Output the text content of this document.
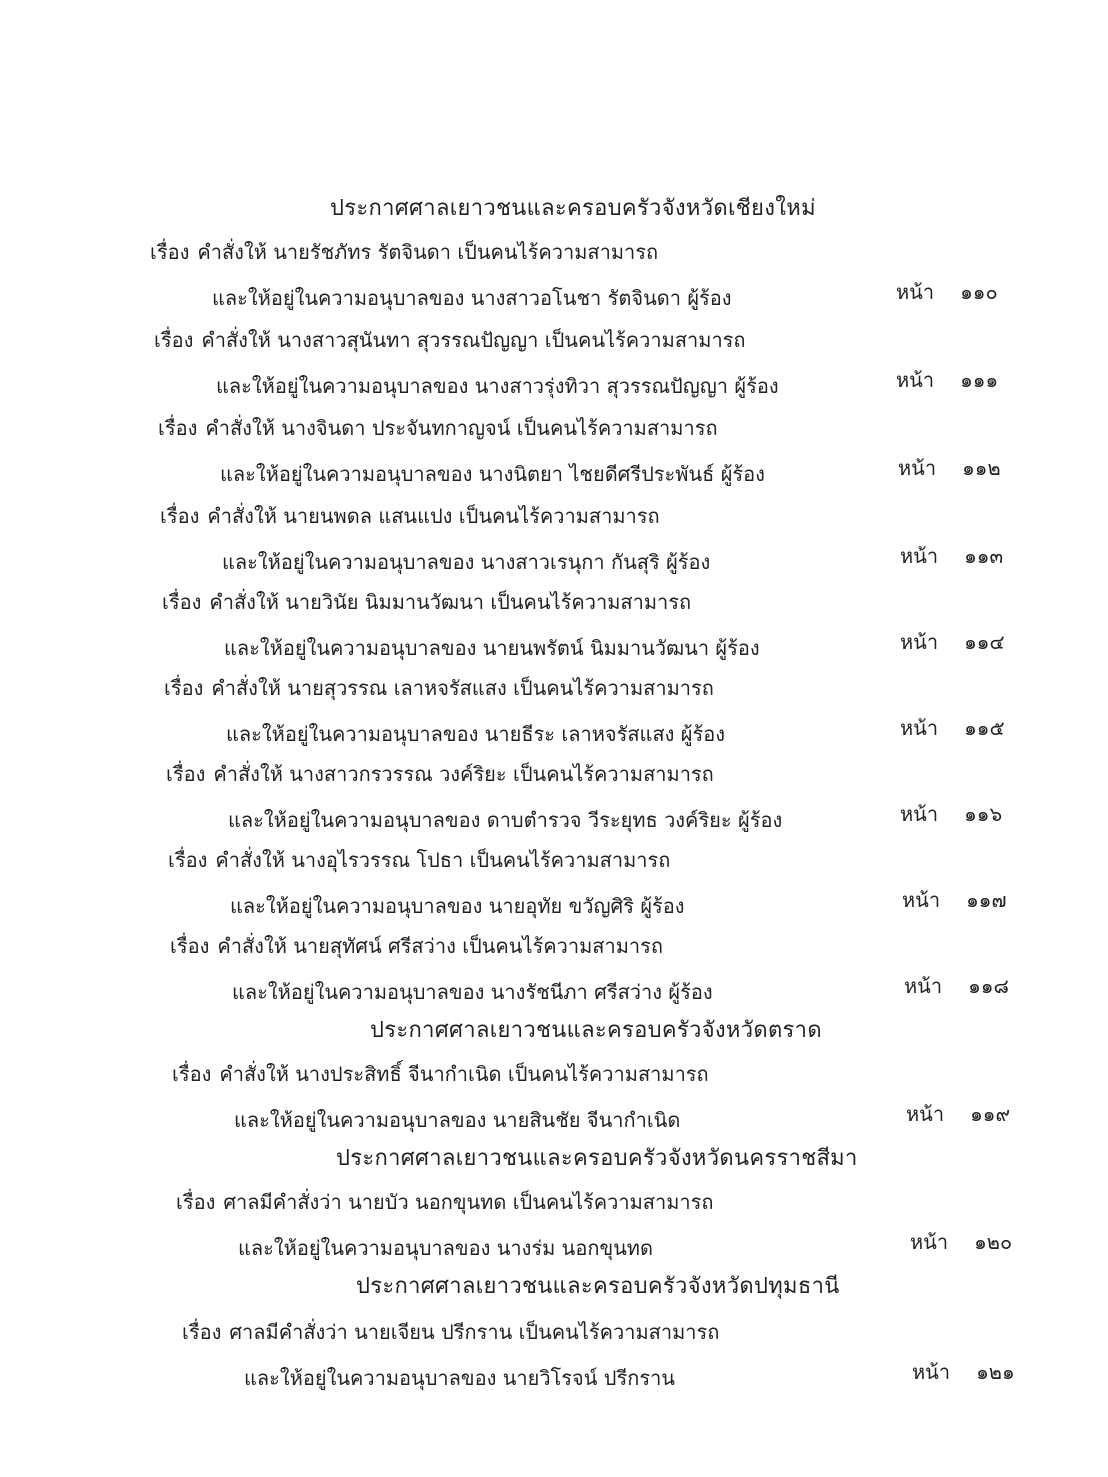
ประกาศศาลเยาวชนและครอบครัวจังหวัดเชียงใหม่
เรื่อง คำสั่งให้ นายรัชภัทร รัตจินดา เป็นคนไร้ความสามารถ
และให้อยู่ในความอนุบาลของ นางสาวอโนชา รัตจินดา ผู้ร้อง	หน้า ๑๑๐
เรื่อง คำสั่งให้ นางสาวสุนันทา สุวรรณปัญญา เป็นคนไร้ความสามารถ
และให้อยู่ในความอนุบาลของ นางสาวรุ่งทิวา สุวรรณปัญญา ผู้ร้อง	หน้า ๑๑๑
เรื่อง คำสั่งให้ นางจินดา ประจันทกาญจน์ เป็นคนไร้ความสามารถ
และให้อยู่ในความอนุบาลของ นางนิตยา ไชยดีศรีประพันธ์ ผู้ร้อง	หน้า ๑๑๒
เรื่อง คำสั่งให้ นายนพดล แสนแปง เป็นคนไร้ความสามารถ
และให้อยู่ในความอนุบาลของ นางสาวเรนุกา กันสุริ ผู้ร้อง	หน้า ๑๑๓
เรื่อง คำสั่งให้ นายวินัย นิมมานวัฒนา เป็นคนไร้ความสามารถ
และให้อยู่ในความอนุบาลของ นายนพรัตน์ นิมมานวัฒนา ผู้ร้อง	หน้า ๑๑๔
เรื่อง คำสั่งให้ นายสุวรรณ เลาหจรัสแสง เป็นคนไร้ความสามารถ
และให้อยู่ในความอนุบาลของ นายธีระ เลาหจรัสแสง ผู้ร้อง	หน้า ๑๑๕
เรื่อง คำสั่งให้ นางสาวกรวรรณ วงค์ริยะ เป็นคนไร้ความสามารถ
และให้อยู่ในความอนุบาลของ ดาบตำรวจ วีระยุทธ วงค์ริยะ ผู้ร้อง	หน้า ๑๑๖
เรื่อง คำสั่งให้ นางอุไรวรรณ โปธา เป็นคนไร้ความสามารถ
และให้อยู่ในความอนุบาลของ นายอุทัย ขวัญศิริ ผู้ร้อง	หน้า ๑๑๗
เรื่อง คำสั่งให้ นายสุทัศน์ ศรีสว่าง เป็นคนไร้ความสามารถ
และให้อยู่ในความอนุบาลของ นางรัชนีภา ศรีสว่าง ผู้ร้อง	หน้า ๑๑๘
ประกาศศาลเยาวชนและครอบครัวจังหวัดตราด
เรื่อง คำสั่งให้ นางประสิทธิ์ จีนากำเนิด เป็นคนไร้ความสามารถ
และให้อยู่ในความอนุบาลของ นายสินชัย จีนากำเนิด	หน้า ๑๑๙
ประกาศศาลเยาวชนและครอบครัวจังหวัดนครราชสีมา
เรื่อง ศาลมีคำสั่งว่า นายบัว นอกขุนทด เป็นคนไร้ความสามารถ
และให้อยู่ในความอนุบาลของ นางร่ม นอกขุนทด	หน้า ๑๒๐
ประกาศศาลเยาวชนและครอบครัวจังหวัดปทุมธานี
เรื่อง ศาลมีคำสั่งว่า นายเจียน ปรีกราน เป็นคนไร้ความสามารถ
และให้อยู่ในความอนุบาลของ นายวิโรจน์ ปรีกราน	หน้า ๑๒๑
